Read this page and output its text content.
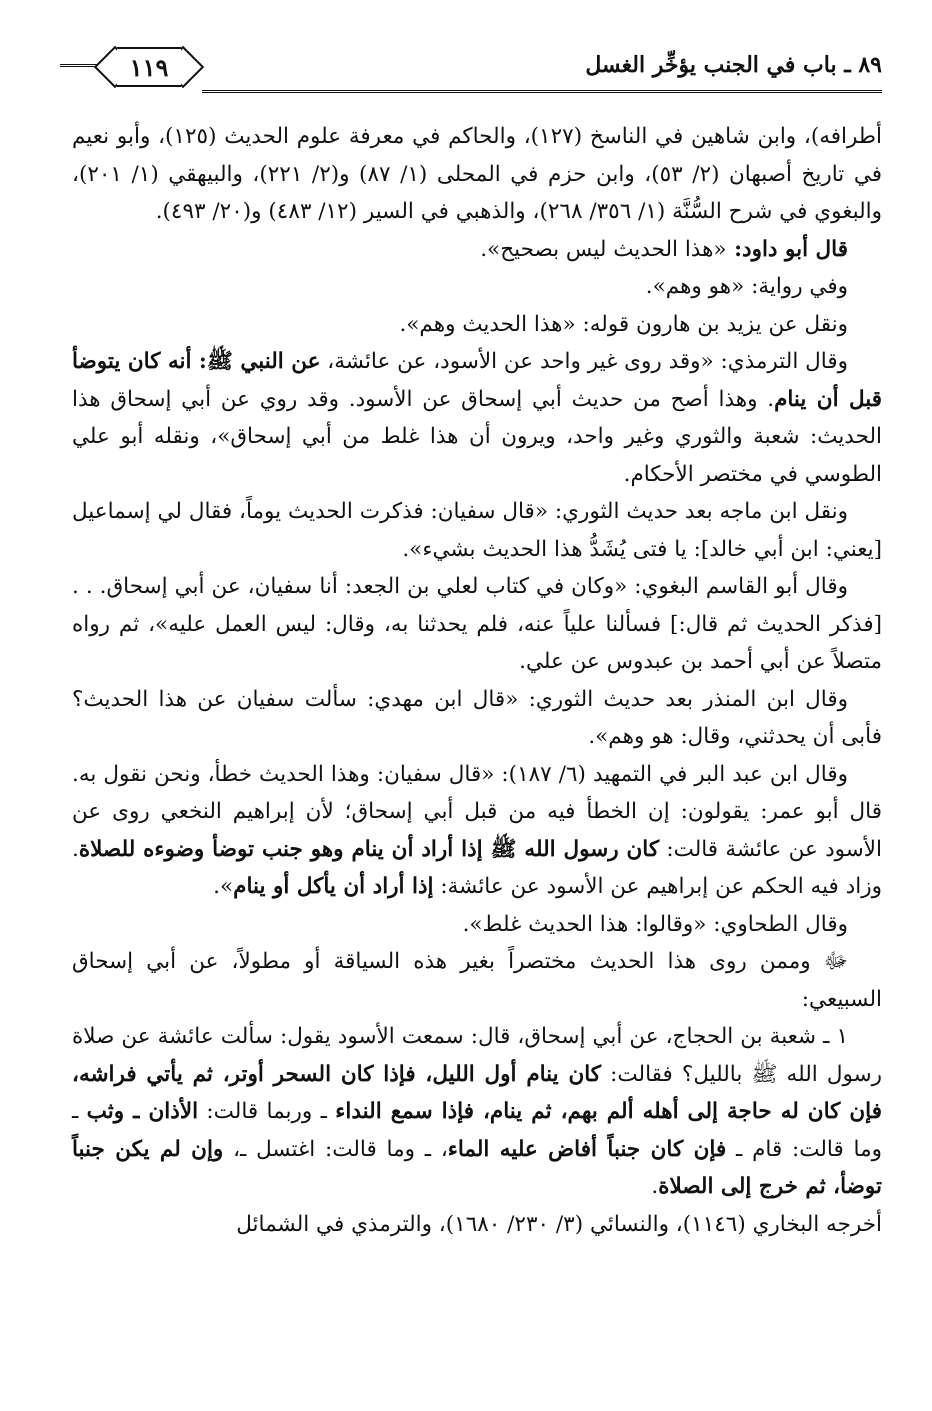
٨٩ ـ باب في الجنب يؤخِّر الغسل
١١٩

أطرافه)، وابن شاهين في الناسخ (١٢٧)، والحاكم في معرفة علوم الحديث (١٢٥)، وأبو نعيم في تاريخ أصبهان (٢/ ٥٣)، وابن حزم في المحلى (١/ ٨٧) و(٢/ ٢٢١)، والبيهقي (١/ ٢٠١)، والبغوي في شرح السُّنَّة (١/ ٣٥٦/ ٢٦٨)، والذهبي في السير (١٢/ ٤٨٣) و(٢٠/ ٤٩٣).

قال أبو داود: «هذا الحديث ليس بصحيح».

وفي رواية: «هو وهم».

ونقل عن يزيد بن هارون قوله: «هذا الحديث وهم».

وقال الترمذي: «وقد روى غير واحد عن الأسود، عن عائشة، عن النبي ﷺ: أنه كان يتوضأ قبل أن ينام. وهذا أصح من حديث أبي إسحاق عن الأسود. وقد روي عن أبي إسحاق هذا الحديث: شعبة والثوري وغير واحد، ويرون أن هذا غلط من أبي إسحاق»، ونقله أبو علي الطوسي في مختصر الأحكام.

ونقل ابن ماجه بعد حديث الثوري: «قال سفيان: فذكرت الحديث يوماً، فقال لي إسماعيل [يعني: ابن أبي خالد]: يا فتى يُشَدُّ هذا الحديث بشيء».

وقال أبو القاسم البغوي: «وكان في كتاب لعلي بن الجعد: أنا سفيان، عن أبي إسحاق. . . [فذكر الحديث ثم قال:] فسألنا علياً عنه، فلم يحدثنا به، وقال: ليس العمل عليه»، ثم رواه متصلاً عن أبي أحمد بن عبدوس عن علي.

وقال ابن المنذر بعد حديث الثوري: «قال ابن مهدي: سألت سفيان عن هذا الحديث؟ فأبى أن يحدثني، وقال: هو وهم».

وقال ابن عبد البر في التمهيد (٦/ ١٨٧): «قال سفيان: وهذا الحديث خطأ، ونحن نقول به. قال أبو عمر: يقولون: إن الخطأ فيه من قبل أبي إسحاق؛ لأن إبراهيم النخعي روى عن الأسود عن عائشة قالت: كان رسول الله ﷺ إذا أراد أن ينام وهو جنب توضأ وضوءه للصلاة. وزاد فيه الحكم عن إبراهيم عن الأسود عن عائشة: إذا أراد أن يأكل أو ينام».

وقال الطحاوي: «وقالوا: هذا الحديث غلط».

ﷻ وممن روى هذا الحديث مختصراً بغير هذه السياقة أو مطولاً، عن أبي إسحاق السبيعي:

١ ـ شعبة بن الحجاج، عن أبي إسحاق، قال: سمعت الأسود يقول: سألت عائشة عن صلاة رسول الله ﷺ بالليل؟ فقالت: كان ينام أول الليل، فإذا كان السحر أوتر، ثم يأتي فراشه، فإن كان له حاجة إلى أهله ألم بهم، ثم ينام، فإذا سمع النداء ـ وربما قالت: الأذان ـ وثب ـ وما قالت: قام ـ فإن كان جنباً أفاض عليه الماء، ـ وما قالت: اغتسل ـ، وإن لم يكن جنباً توضأ، ثم خرج إلى الصلاة.

أخرجه البخاري (١١٤٦)، والنسائي (٣/ ٢٣٠/ ١٦٨٠)، والترمذي في الشمائل
